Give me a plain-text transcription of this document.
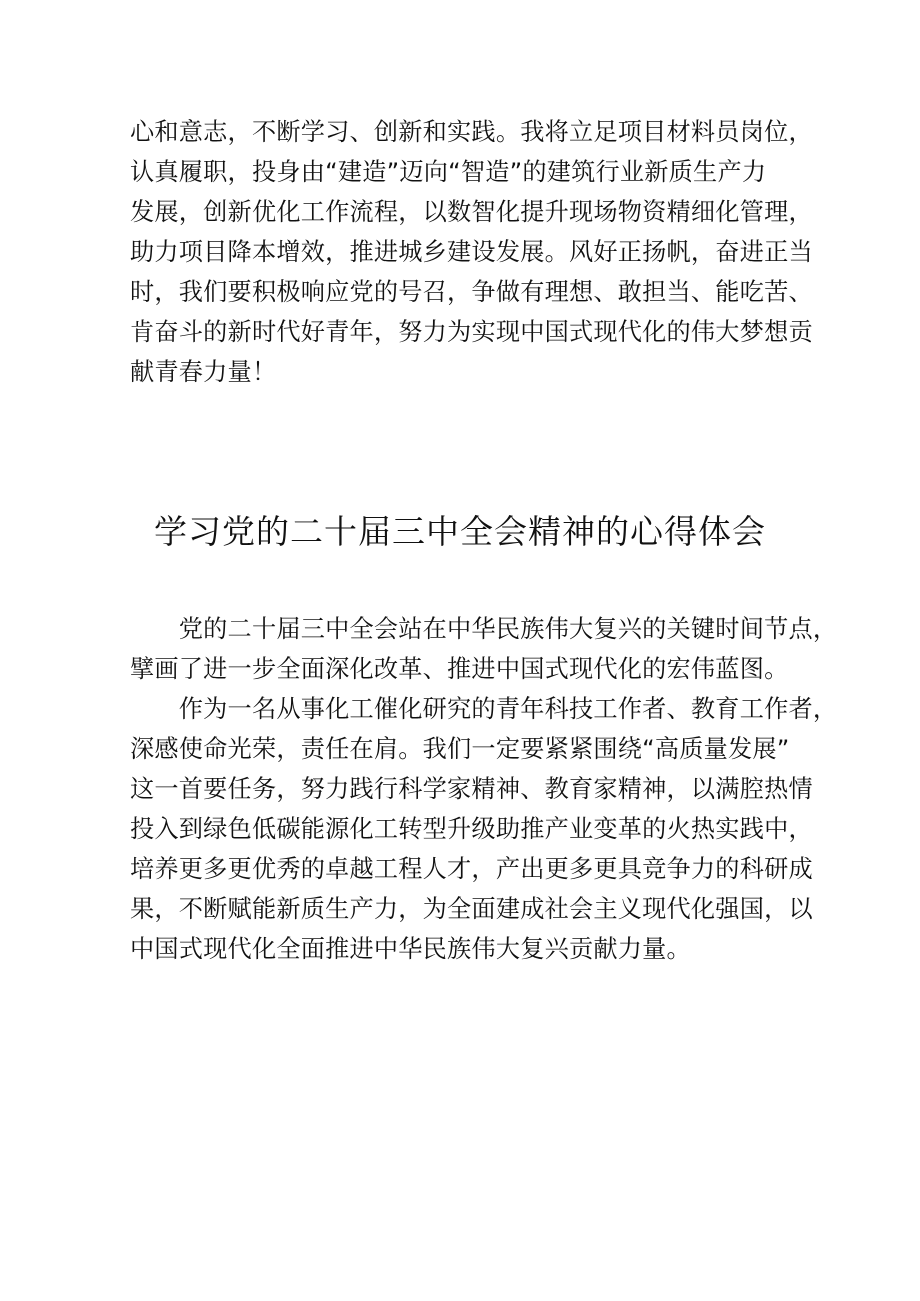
心和意志，不断学习、创新和实践。我将立足项目材料员岗位，
认真履职，投身由“建造”迈向“智造”的建筑行业新质生产力
发展，创新优化工作流程，以数智化提升现场物资精细化管理，
助力项目降本增效，推进城乡建设发展。风好正扬帆，奋进正当
时，我们要积极响应党的号召，争做有理想、敢担当、能吃苦、
肯奋斗的新时代好青年，努力为实现中国式现代化的伟大梦想贡
献青春力量！
学习党的二十届三中全会精神的心得体会
　　党的二十届三中全会站在中华民族伟大复兴的关键时间节点，
擘画了进一步全面深化改革、推进中国式现代化的宏伟蓝图。
　　作为一名从事化工催化研究的青年科技工作者、教育工作者，
深感使命光荣，责任在肩。我们一定要紧紧围绕“高质量发展”
这一首要任务，努力践行科学家精神、教育家精神，以满腔热情
投入到绿色低碳能源化工转型升级助推产业变革的火热实践中，
培养更多更优秀的卓越工程人才，产出更多更具竞争力的科研成
果，不断赋能新质生产力，为全面建成社会主义现代化强国，以
中国式现代化全面推进中华民族伟大复兴贡献力量。
